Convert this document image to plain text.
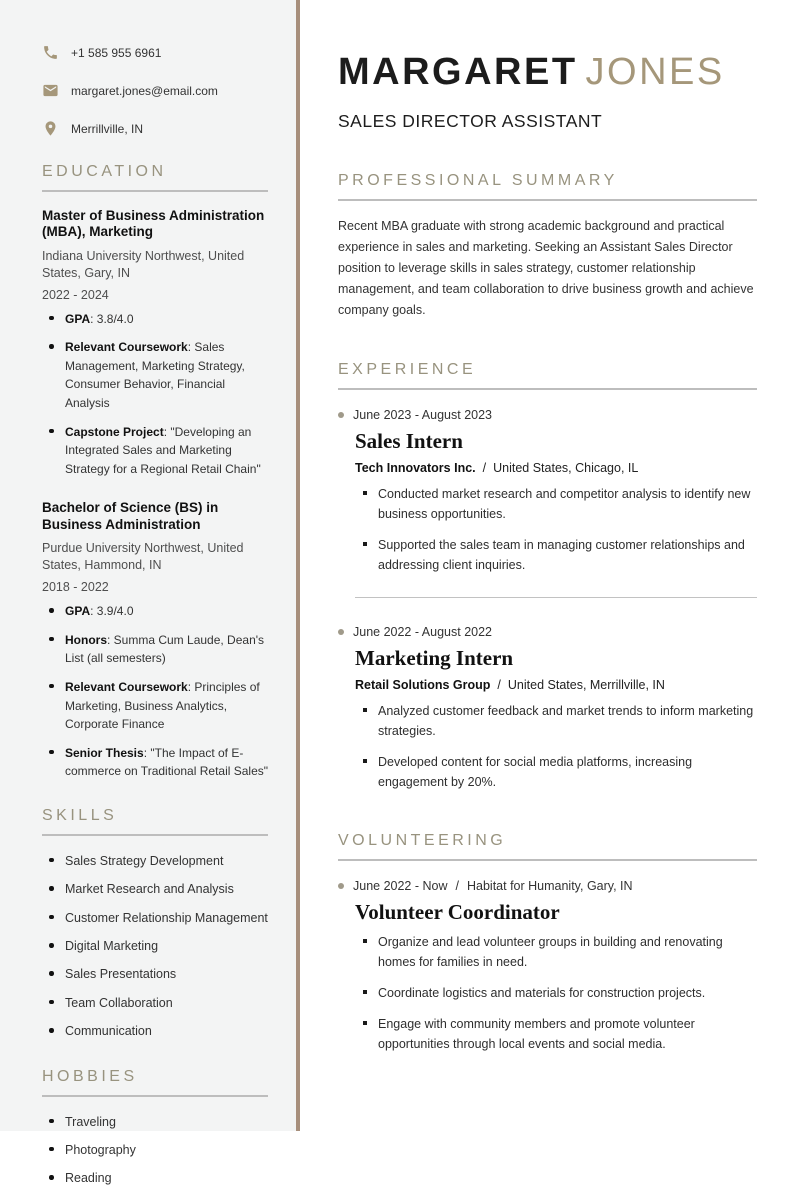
+1 585 955 6961
margaret.jones@email.com
Merrillville, IN
EDUCATION
Master of Business Administration (MBA), Marketing
Indiana University Northwest, United States, Gary, IN
2022 - 2024
GPA: 3.8/4.0
Relevant Coursework: Sales Management, Marketing Strategy, Consumer Behavior, Financial Analysis
Capstone Project: "Developing an Integrated Sales and Marketing Strategy for a Regional Retail Chain"
Bachelor of Science (BS) in Business Administration
Purdue University Northwest, United States, Hammond, IN
2018 - 2022
GPA: 3.9/4.0
Honors: Summa Cum Laude, Dean's List (all semesters)
Relevant Coursework: Principles of Marketing, Business Analytics, Corporate Finance
Senior Thesis: "The Impact of E-commerce on Traditional Retail Sales"
SKILLS
Sales Strategy Development
Market Research and Analysis
Customer Relationship Management
Digital Marketing
Sales Presentations
Team Collaboration
Communication
HOBBIES
Traveling
Photography
Reading
MARGARET JONES
SALES DIRECTOR ASSISTANT
PROFESSIONAL SUMMARY

Recent MBA graduate with strong academic background and practical experience in sales and marketing. Seeking an Assistant Sales Director position to leverage skills in sales strategy, customer relationship management, and team collaboration to drive business growth and achieve company goals.

EXPERIENCE
June 2023 - August 2023
Sales Intern
Tech Innovators Inc. / United States, Chicago, IL
Conducted market research and competitor analysis to identify new business opportunities.
Supported the sales team in managing customer relationships and addressing client inquiries.
June 2022 - August 2022
Marketing Intern
Retail Solutions Group / United States, Merrillville, IN
Analyzed customer feedback and market trends to inform marketing strategies.
Developed content for social media platforms, increasing engagement by 20%.
VOLUNTEERING
June 2022 - Now / Habitat for Humanity, Gary, IN
Volunteer Coordinator
Organize and lead volunteer groups in building and renovating homes for families in need.
Coordinate logistics and materials for construction projects.
Engage with community members and promote volunteer opportunities through local events and social media.
